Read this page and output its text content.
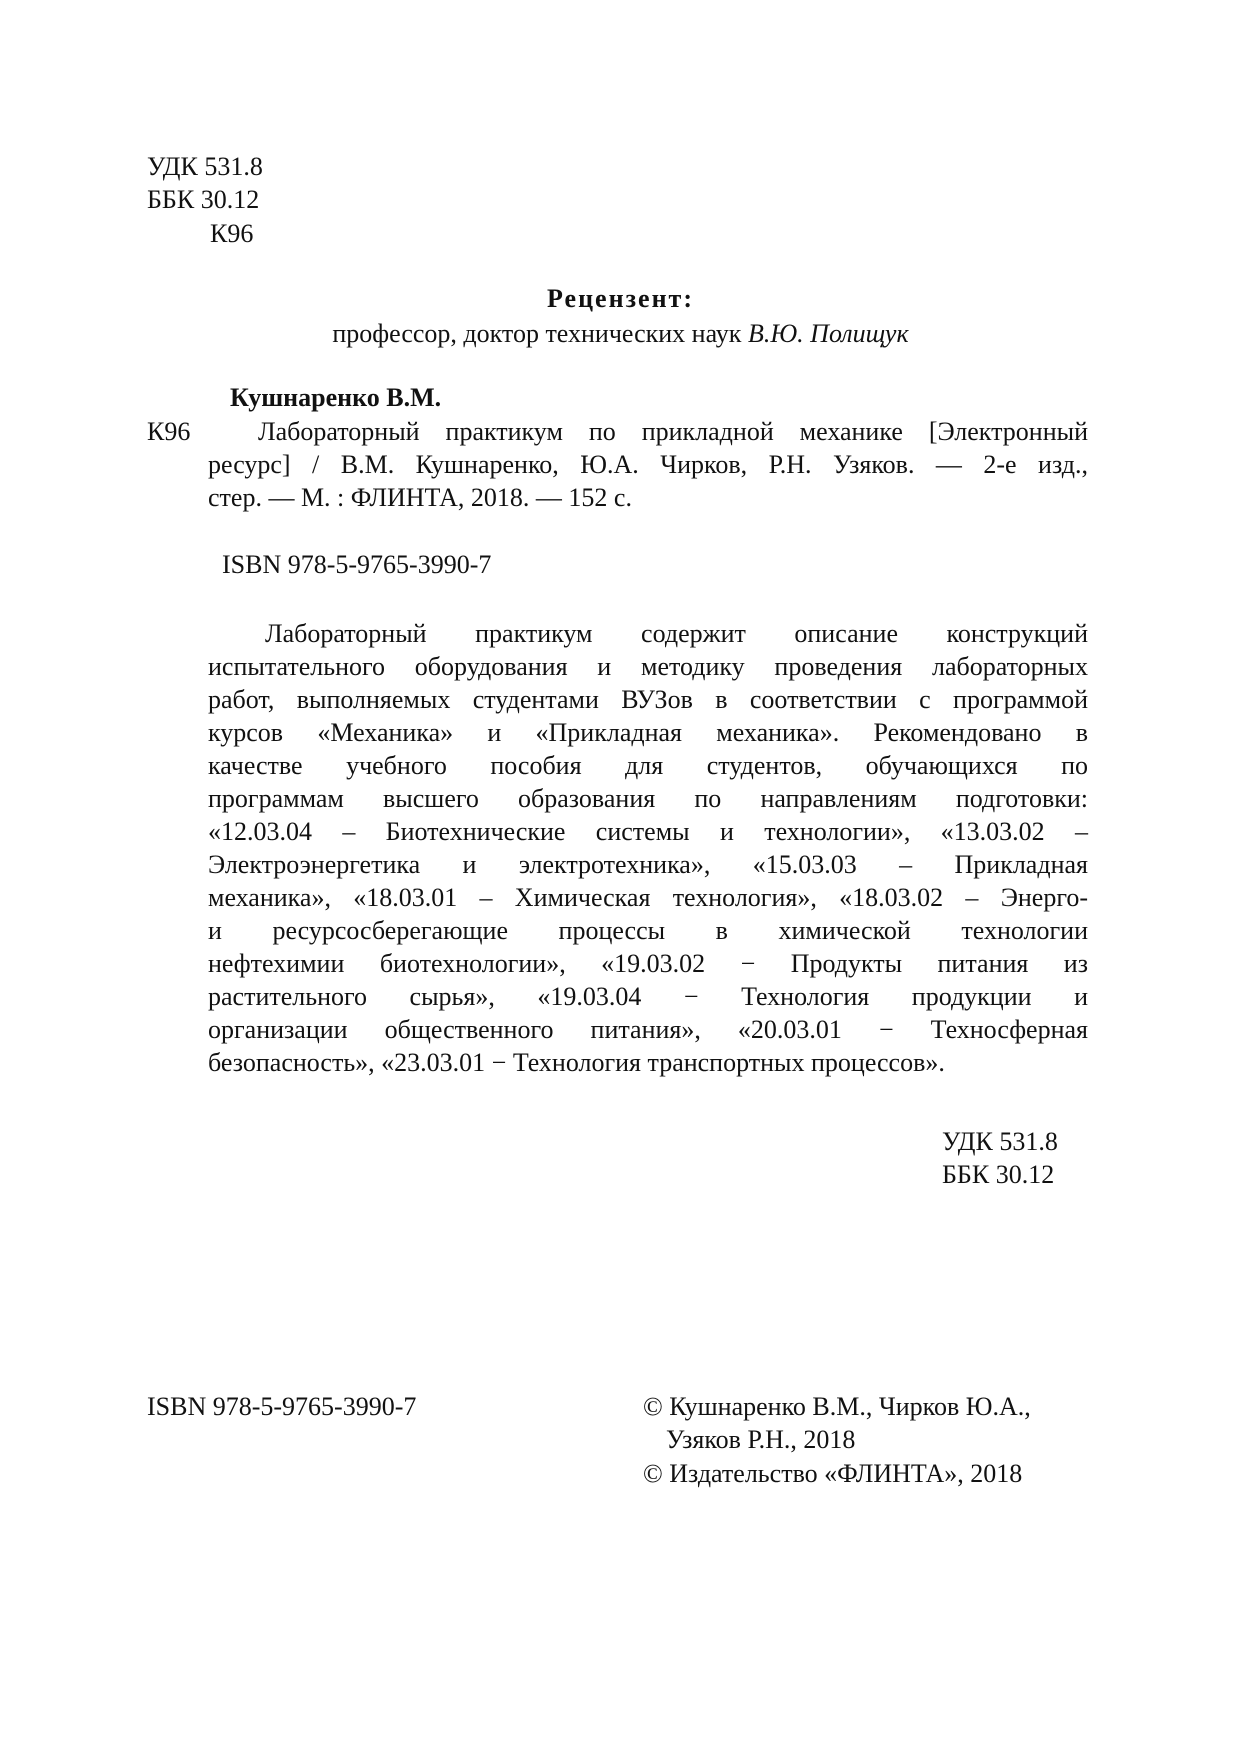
УДК 531.8
ББК 30.12
К96
Рецензент:
профессор, доктор технических наук В.Ю. Полищук
Кушнаренко В.М.
К96	Лабораторный практикум по прикладной механике [Электронный
ресурс] / В.М. Кушнаренко, Ю.А. Чирков, Р.Н. Узяков. — 2-е изд.,
стер. — М. : ФЛИНТА, 2018. — 152 с.
ISBN 978-5-9765-3990-7
Лабораторный практикум содержит описание конструкций
испытательного оборудования и методику проведения лабораторных
работ, выполняемых студентами ВУЗов в соответствии с программой
курсов «Механика» и «Прикладная механика». Рекомендовано в
качестве учебного пособия для студентов, обучающихся по
программам высшего образования по направлениям подготовки:
«12.03.04 – Биотехнические системы и технологии», «13.03.02 –
Электроэнергетика и электротехника», «15.03.03 – Прикладная
механика», «18.03.01 – Химическая технология», «18.03.02 – Энерго-
и ресурсосберегающие процессы в химической технологии
нефтехимии биотехнологии», «19.03.02 − Продукты питания из
растительного сырья», «19.03.04 − Технология продукции и
организации общественного питания», «20.03.01 − Техносферная
безопасность», «23.03.01 − Технология транспортных процессов».
УДК 531.8
ББК 30.12
ISBN 978-5-9765-3990-7	© Кушнаренко В.М., Чирков Ю.А.,
Узяков Р.Н., 2018
© Издательство «ФЛИНТА», 2018
